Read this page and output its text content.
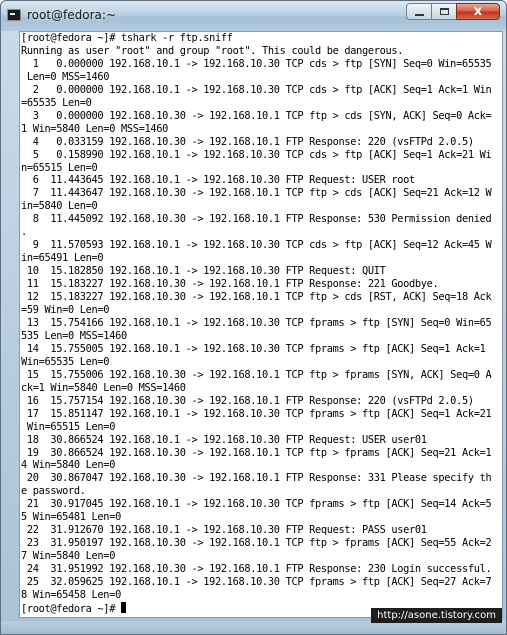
root@fedora:~	x
[root@fedora ~]# tshark -r ftp.sniff
Running as user "root" and group "root". This could be dangerous.
1   0.000000 192.168.10.1 -> 192.168.10.30 TCP cds > ftp [SYN] Seq=0 Win=65535
Len=0 MSS=1460
2   0.000000 192.168.10.1 -> 192.168.10.30 TCP cds > ftp [ACK] Seq=1 Ack=1 Win
=65535 Len=0
3   0.000000 192.168.10.30 -> 192.168.10.1 TCP ftp > cds [SYN, ACK] Seq=0 Ack=
1 Win=5840 Len=0 MSS=1460
4   0.033159 192.168.10.30 -> 192.168.10.1 FTP Response: 220 (vsFTPd 2.0.5)
5   0.158990 192.168.10.1 -> 192.168.10.30 TCP cds > ftp [ACK] Seq=1 Ack=21 Wi
n=65515 Len=0
6  11.443645 192.168.10.1 -> 192.168.10.30 FTP Request: USER root
7  11.443647 192.168.10.30 -> 192.168.10.1 TCP ftp > cds [ACK] Seq=21 Ack=12 W
in=5840 Len=0
8  11.445092 192.168.10.30 -> 192.168.10.1 FTP Response: 530 Permission denied
.
9  11.570593 192.168.10.1 -> 192.168.10.30 TCP cds > ftp [ACK] Seq=12 Ack=45 W
in=65491 Len=0
10  15.182850 192.168.10.1 -> 192.168.10.30 FTP Request: QUIT
11  15.183227 192.168.10.30 -> 192.168.10.1 FTP Response: 221 Goodbye.
12  15.183227 192.168.10.30 -> 192.168.10.1 TCP ftp > cds [RST, ACK] Seq=18 Ack
=59 Win=0 Len=0
13  15.754166 192.168.10.1 -> 192.168.10.30 TCP fprams > ftp [SYN] Seq=0 Win=65
535 Len=0 MSS=1460
14  15.755005 192.168.10.1 -> 192.168.10.30 TCP fprams > ftp [ACK] Seq=1 Ack=1
Win=65535 Len=0
15  15.755006 192.168.10.30 -> 192.168.10.1 TCP ftp > fprams [SYN, ACK] Seq=0 A
ck=1 Win=5840 Len=0 MSS=1460
16  15.757154 192.168.10.30 -> 192.168.10.1 FTP Response: 220 (vsFTPd 2.0.5)
17  15.851147 192.168.10.1 -> 192.168.10.30 TCP fprams > ftp [ACK] Seq=1 Ack=21
Win=65515 Len=0
18  30.866524 192.168.10.1 -> 192.168.10.30 FTP Request: USER user01
19  30.866524 192.168.10.30 -> 192.168.10.1 TCP ftp > fprams [ACK] Seq=21 Ack=1
4 Win=5840 Len=0
20  30.867047 192.168.10.30 -> 192.168.10.1 FTP Response: 331 Please specify th
e password.
21  30.917045 192.168.10.1 -> 192.168.10.30 TCP fprams > ftp [ACK] Seq=14 Ack=5
5 Win=65481 Len=0
22  31.912670 192.168.10.1 -> 192.168.10.30 FTP Request: PASS user01
23  31.950197 192.168.10.30 -> 192.168.10.1 TCP ftp > fprams [ACK] Seq=55 Ack=2
7 Win=5840 Len=0
24  31.951992 192.168.10.30 -> 192.168.10.1 FTP Response: 230 Login successful.
25  32.059625 192.168.10.1 -> 192.168.10.30 TCP fprams > ftp [ACK] Seq=27 Ack=7
8 Win=65458 Len=0
[root@fedora ~]#
http://asone.tistory.com
